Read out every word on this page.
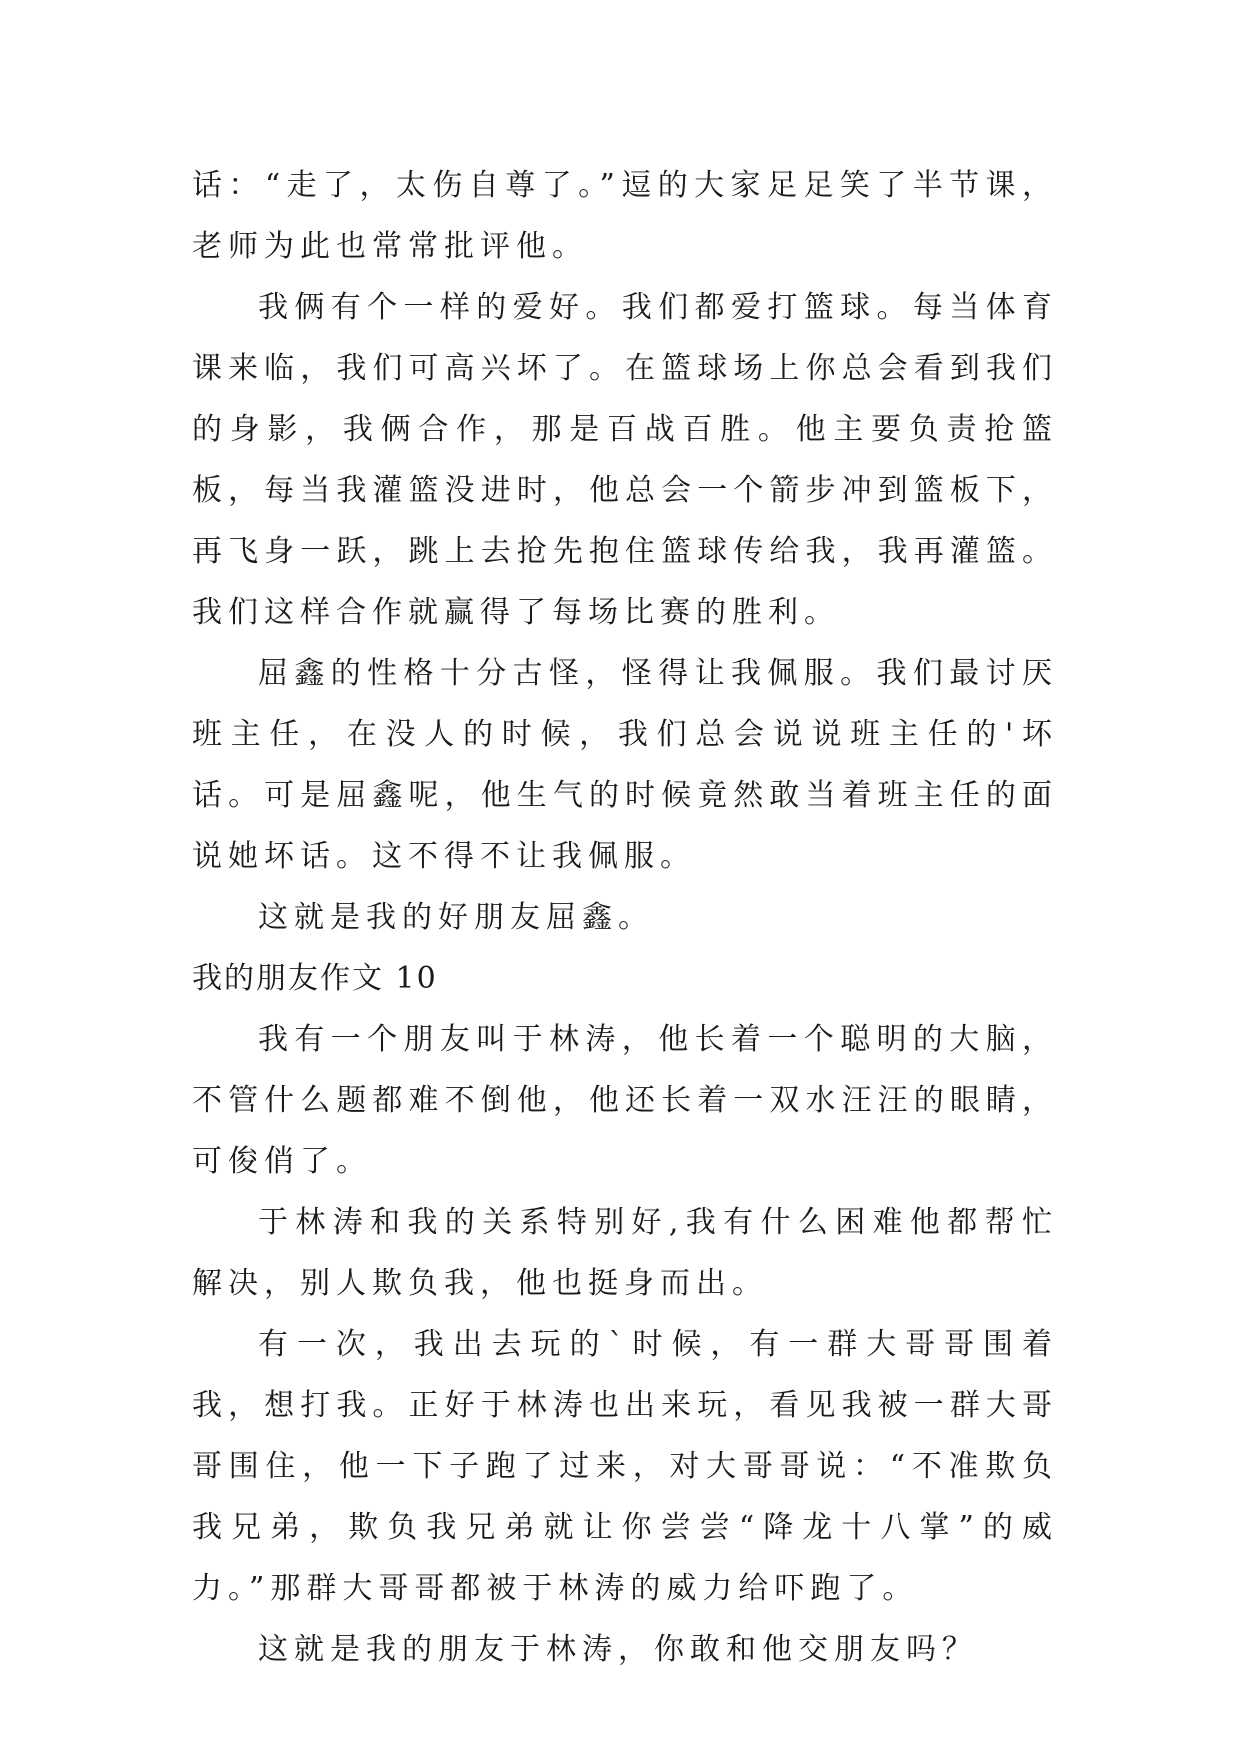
话：“走了，太伤自尊了。”逗的大家足足笑了半节课，老师为此也常常批评他。

我俩有个一样的爱好。我们都爱打篮球。每当体育课来临，我们可高兴坏了。在篮球场上你总会看到我们的身影，我俩合作，那是百战百胜。他主要负责抢篮板，每当我灌篮没进时，他总会一个箭步冲到篮板下，再飞身一跃，跳上去抢先抱住篮球传给我，我再灌篮。我们这样合作就赢得了每场比赛的胜利。

屈鑫的性格十分古怪，怪得让我佩服。我们最讨厌班主任，在没人的时候，我们总会说说班主任的'坏话。可是屈鑫呢，他生气的时候竟然敢当着班主任的面说她坏话。这不得不让我佩服。

这就是我的好朋友屈鑫。

我的朋友作文 10

我有一个朋友叫于林涛，他长着一个聪明的大脑，不管什么题都难不倒他，他还长着一双水汪汪的眼睛，可俊俏了。

于林涛和我的关系特别好,我有什么困难他都帮忙解决，别人欺负我，他也挺身而出。

有一次，我出去玩的`时候，有一群大哥哥围着我，想打我。正好于林涛也出来玩，看见我被一群大哥哥围住，他一下子跑了过来，对大哥哥说：“不准欺负我兄弟，欺负我兄弟就让你尝尝“降龙十八掌”的威力。”那群大哥哥都被于林涛的威力给吓跑了。

这就是我的朋友于林涛，你敢和他交朋友吗？
